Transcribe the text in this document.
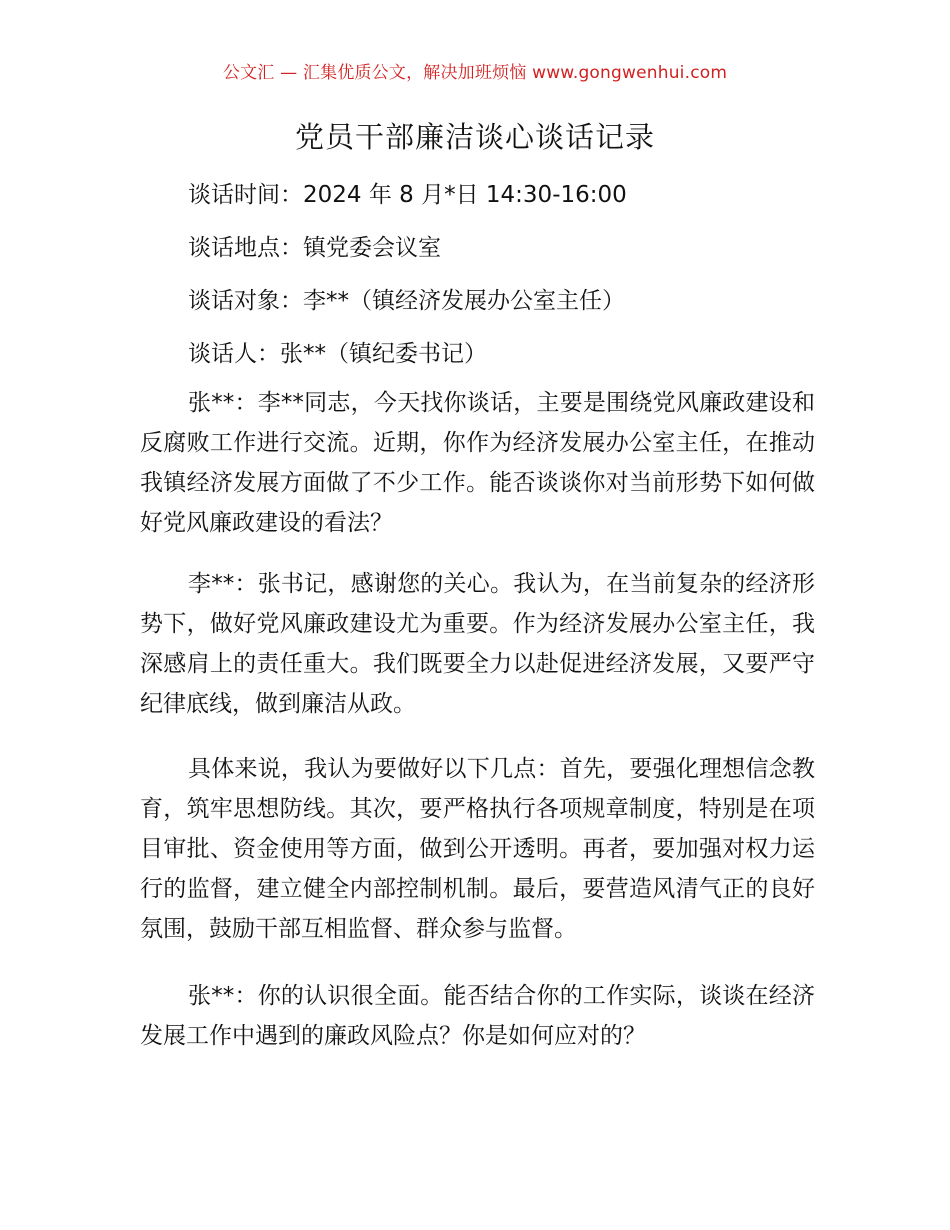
公文汇 — 汇集优质公文，解决加班烦恼 www.gongwenhui.com
党员干部廉洁谈心谈话记录
谈话时间：2024 年 8 月*日 14:30-16:00
谈话地点：镇党委会议室
谈话对象：李**（镇经济发展办公室主任）
谈话人：张**（镇纪委书记）

张**：李**同志，今天找你谈话，主要是围绕党风廉政建设和反腐败工作进行交流。近期，你作为经济发展办公室主任，在推动我镇经济发展方面做了不少工作。能否谈谈你对当前形势下如何做好党风廉政建设的看法？

李**：张书记，感谢您的关心。我认为，在当前复杂的经济形势下，做好党风廉政建设尤为重要。作为经济发展办公室主任，我深感肩上的责任重大。我们既要全力以赴促进经济发展，又要严守纪律底线，做到廉洁从政。

具体来说，我认为要做好以下几点：首先，要强化理想信念教育，筑牢思想防线。其次，要严格执行各项规章制度，特别是在项目审批、资金使用等方面，做到公开透明。再者，要加强对权力运行的监督，建立健全内部控制机制。最后，要营造风清气正的良好氛围，鼓励干部互相监督、群众参与监督。

张**：你的认识很全面。能否结合你的工作实际，谈谈在经济发展工作中遇到的廉政风险点？你是如何应对的？
